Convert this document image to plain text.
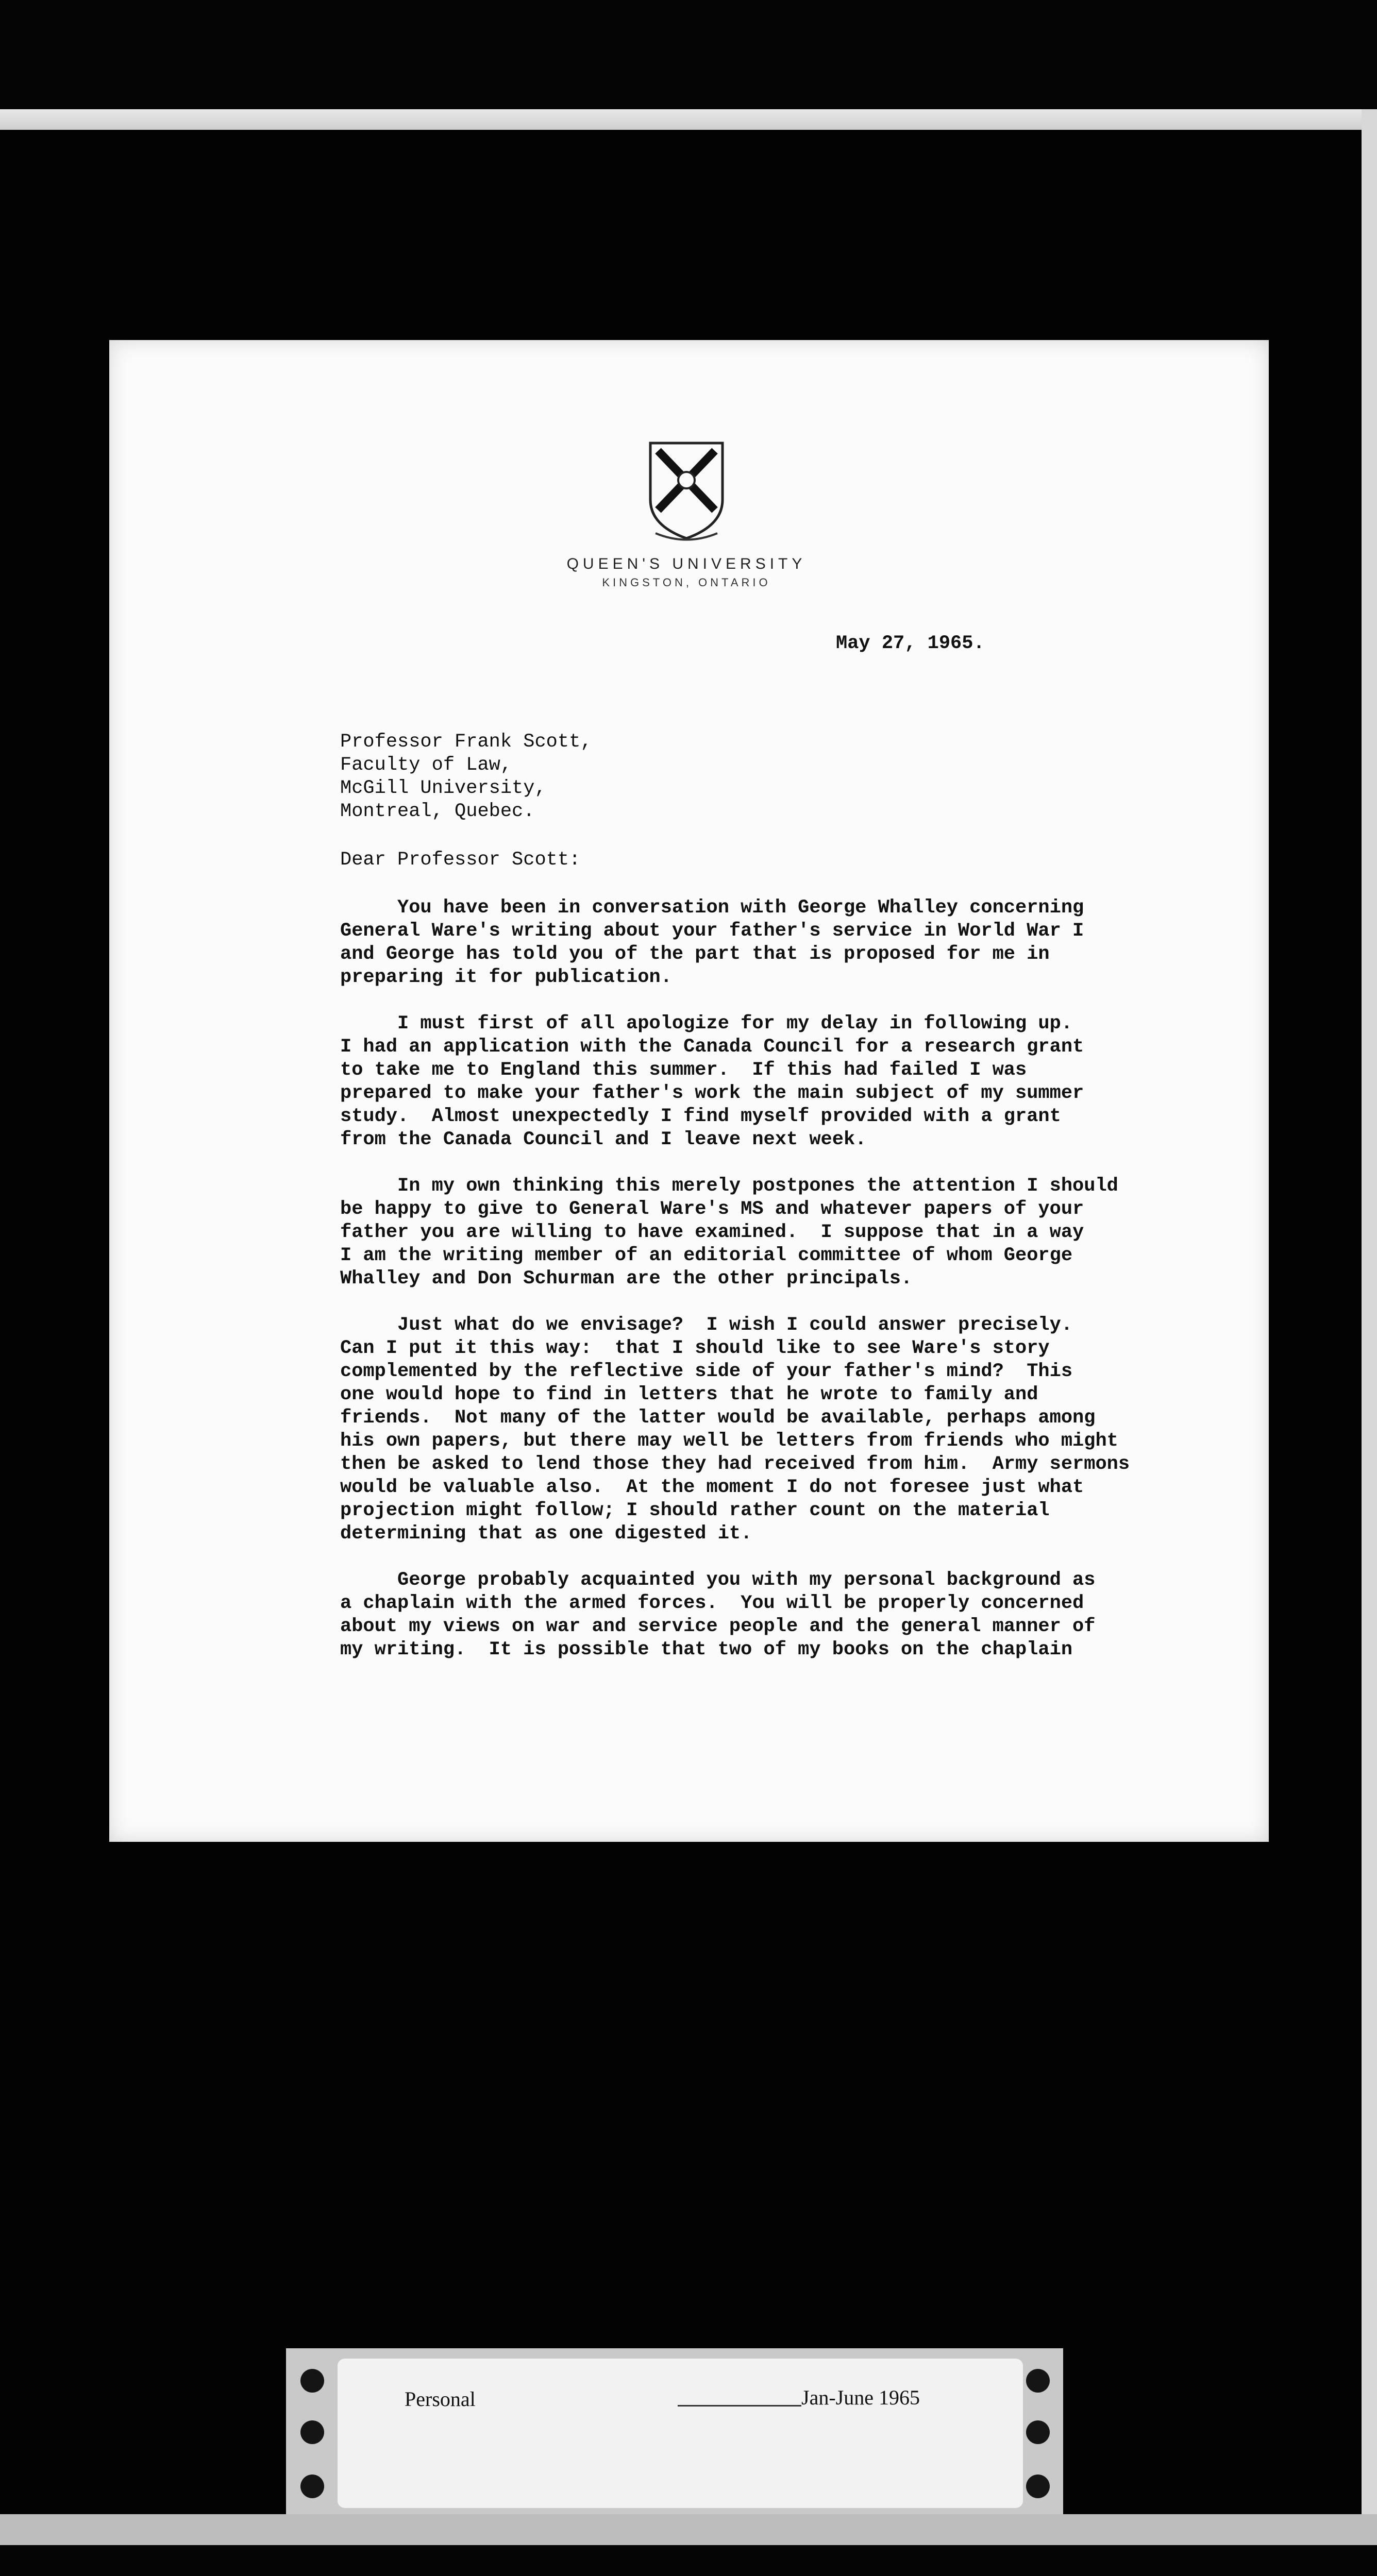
QUEEN'S UNIVERSITY
KINGSTON, ONTARIO
May 27, 1965.
Professor Frank Scott,
Faculty of Law,
McGill University,
Montreal, Quebec.
Dear Professor Scott:
You have been in conversation with George Whalley concerning
General Ware's writing about your father's service in World War I
and George has told you of the part that is proposed for me in
preparing it for publication.
I must first of all apologize for my delay in following up.
I had an application with the Canada Council for a research grant
to take me to England this summer.  If this had failed I was
prepared to make your father's work the main subject of my summer
study.  Almost unexpectedly I find myself provided with a grant
from the Canada Council and I leave next week.
In my own thinking this merely postpones the attention I should
be happy to give to General Ware's MS and whatever papers of your
father you are willing to have examined.  I suppose that in a way
I am the writing member of an editorial committee of whom George
Whalley and Don Schurman are the other principals.
Just what do we envisage?  I wish I could answer precisely.
Can I put it this way:  that I should like to see Ware's story
complemented by the reflective side of your father's mind?  This
one would hope to find in letters that he wrote to family and
friends.  Not many of the latter would be available, perhaps among
his own papers, but there may well be letters from friends who might
then be asked to lend those they had received from him.  Army sermons
would be valuable also.  At the moment I do not foresee just what
projection might follow; I should rather count on the material
determining that as one digested it.
George probably acquainted you with my personal background as
a chaplain with the armed forces.  You will be properly concerned
about my views on war and service people and the general manner of
my writing.  It is possible that two of my books on the chaplain
Personal	Jan-June 1965
